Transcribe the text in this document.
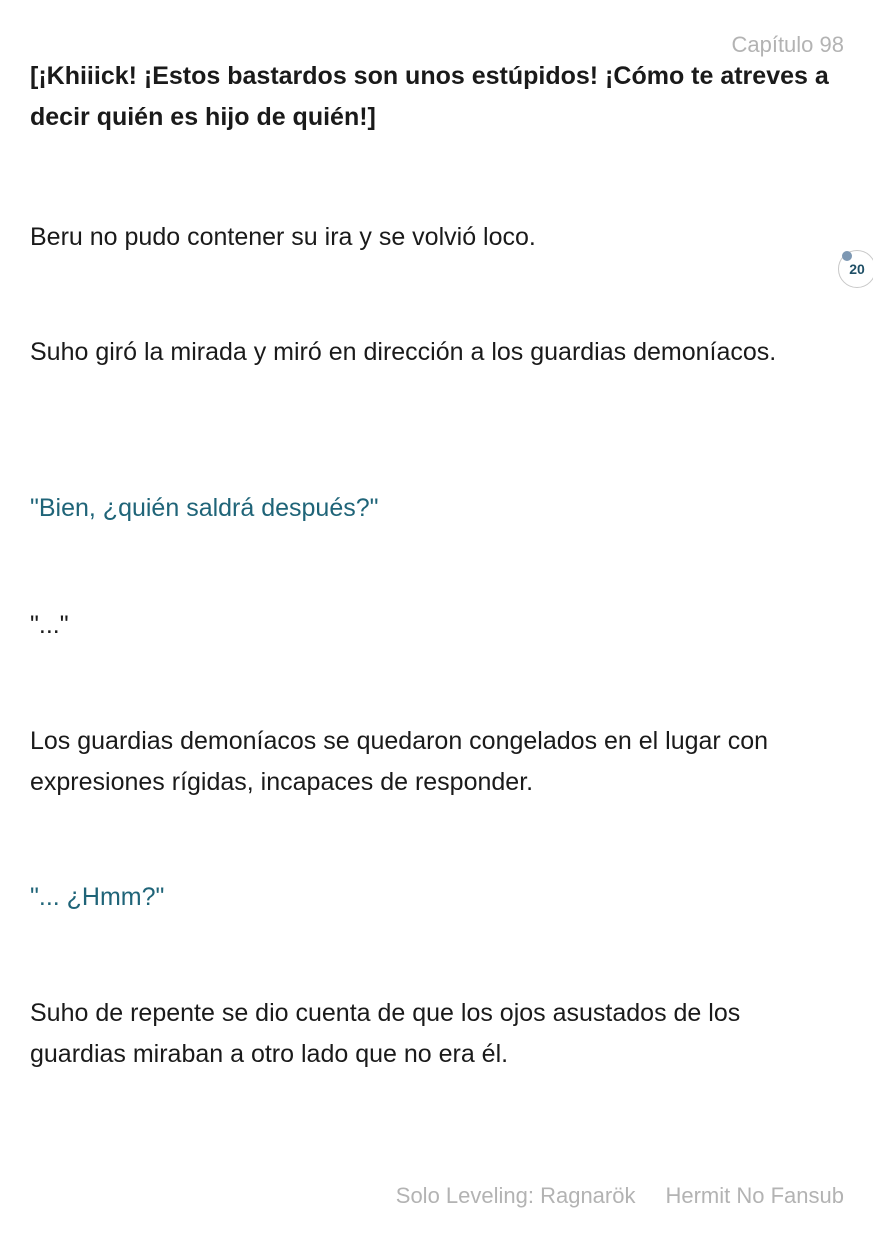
Capítulo 98

[¡Khiiick! ¡Estos bastardos son unos estúpidos! ¡Cómo te atreves a decir quién es hijo de quién!]

Beru no pudo contener su ira y se volvió loco.

Suho giró la mirada y miró en dirección a los guardias demoníacos.

"Bien, ¿quién saldrá después?"

"..."

Los guardias demoníacos se quedaron congelados en el lugar con expresiones rígidas, incapaces de responder.

"... ¿Hmm?"

Suho de repente se dio cuenta de que los ojos asustados de los guardias miraban a otro lado que no era él.

20
Solo Leveling: Ragnarök Hermit No Fansub
